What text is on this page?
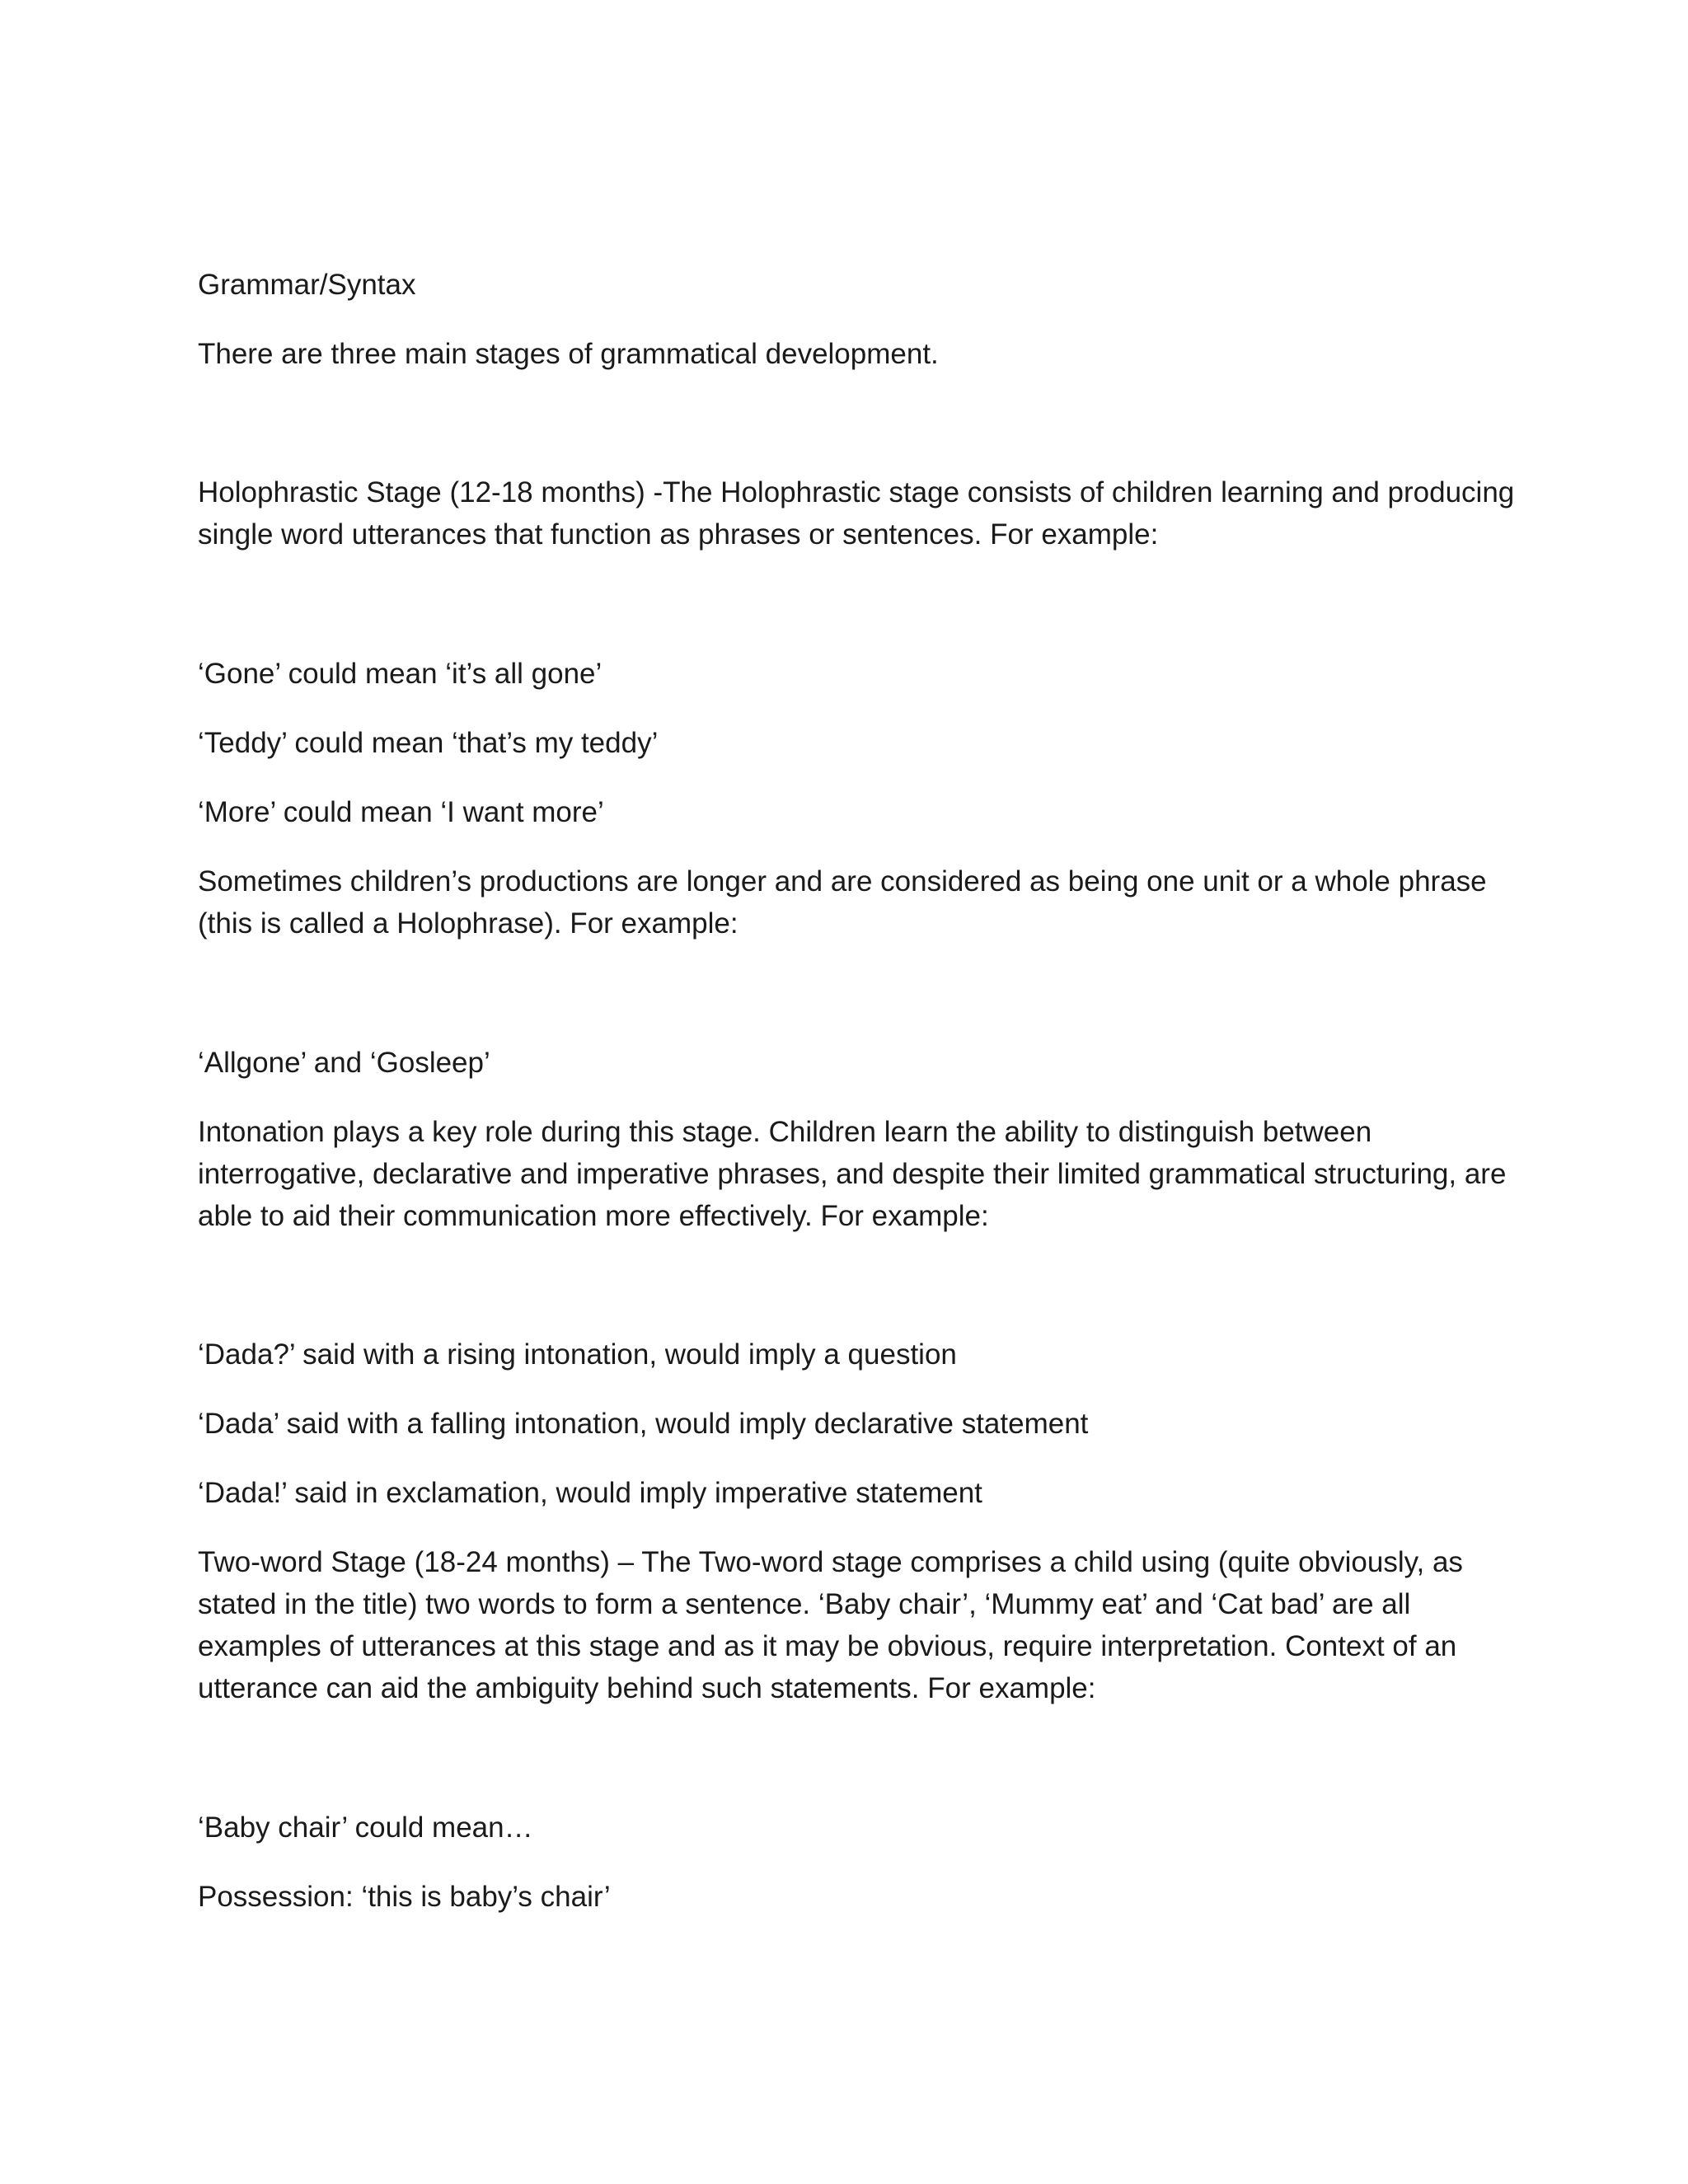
Grammar/Syntax

There are three main stages of grammatical development.

Holophrastic Stage (12-18 months) -The Holophrastic stage consists of children learning and producing

single word utterances that function as phrases or sentences. For example:

‘Gone’ could mean ‘it’s all gone’

‘Teddy’ could mean ‘that’s my teddy’

‘More’ could mean ‘I want more’

Sometimes children’s productions are longer and are considered as being one unit or a whole phrase

(this is called a Holophrase). For example:

‘Allgone’ and ‘Gosleep’

Intonation plays a key role during this stage. Children learn the ability to distinguish between

interrogative, declarative and imperative phrases, and despite their limited grammatical structuring, are

able to aid their communication more effectively. For example:

‘Dada?’ said with a rising intonation, would imply a question

‘Dada’ said with a falling intonation, would imply declarative statement

‘Dada!’ said in exclamation, would imply imperative statement

Two-word Stage (18-24 months) – The Two-word stage comprises a child using (quite obviously, as

stated in the title) two words to form a sentence. ‘Baby chair’, ‘Mummy eat’ and ‘Cat bad’ are all

examples of utterances at this stage and as it may be obvious, require interpretation. Context of an

utterance can aid the ambiguity behind such statements. For example:

‘Baby chair’ could mean…

Possession: ‘this is baby’s chair’
